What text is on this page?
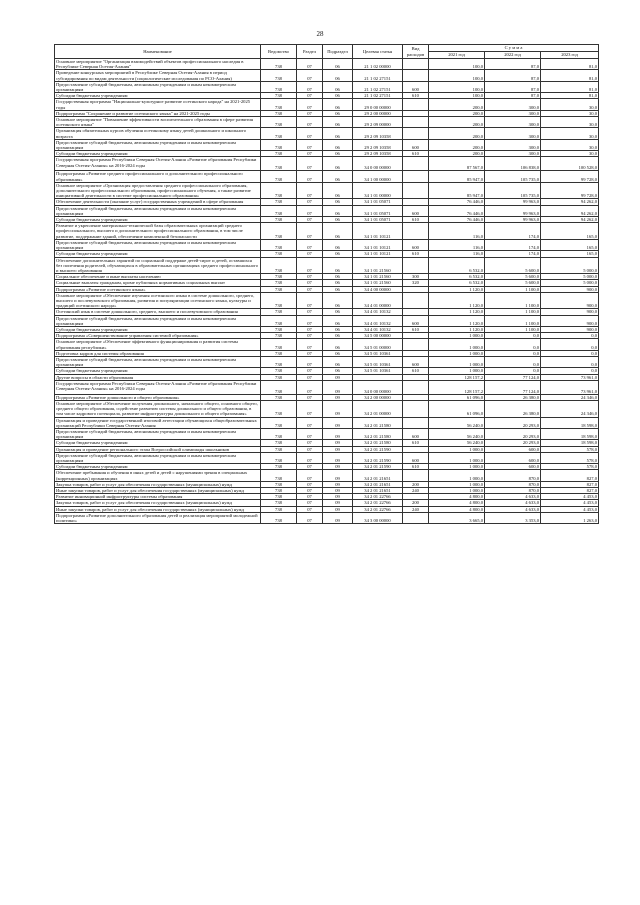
28
Наименование	Ведомство	Раздел	Подраздел	Целевая статья	Вид расходов	С у м м а		
						2021 год	2022 год	2023 год
Основное мероприятие "Организация взаимодействий объектов профессионального наследия в Республике Северная Осетия-Алания"	738	07	06	21 1 02 00000		100,0	87,0	81,0
Проведение конкурсных мероприятий в Республике Северная Осетия-Алания в период субсидирования по видам деятельности (социологические исследования по РСО-Алания)	738	07	06	21 1 02 27151		100,0	87,0	81,0
Предоставление субсидий бюджетным, автономным учреждениям и иным некоммерческим организациям	738	07	06	21 1 02 27151	600	100,0	87,0	81,0
Субсидии бюджетным учреждениям	738	07	06	21 1 02 27151	610	100,0	87,0	81,0
Государственная программа "Национально-культурное развитие осетинского народа" на 2021-2025 годы	738	07	06	29 0 00 00000		200,0	300,0	30,0
Подпрограмма "Сохранение и развитие осетинского языка" на 2021-2025 годы	738	07	06	29 2 00 00000		200,0	300,0	30,0
Основное мероприятие "Повышение эффективности воспитательного образования в сфере развития осетинского языка"	738	07	06	29 2 09 00000		200,0	300,0	30,0
Организация обязательных курсов обучения осетинскому языку детей дошкольного и школьного возраста	738	07	06	29 2 09 10358		200,0	300,0	30,0
Предоставление субсидий бюджетным, автономным учреждениям и иным некоммерческим организациям	738	07	06	29 2 09 10358	600	200,0	300,0	30,0
Субсидии бюджетным учреждениям	738	07	06	29 2 09 10358	610	200,0	300,0	30,0
Государственная программа Республики Северная Осетия-Алания «Развитие образования Республики Северная Осетия-Алания» на 2016-2024 годы	738	07	06	34 0 00 00000		87 567,0	106 838,0	100 528,0
Подпрограмма «Развитие среднего профессионального и дополнительного профессионального образования»	738	07	06	34 1 00 00000		85 947,0	105 735,0	99 728,0
Основное мероприятие «Организация предоставления среднего профессионального образования, дополнительного профессионального образования, профессионального обучения, а также развитие инициативной деятельности в системе профессионального образования»	738	07	06	34 1 01 00000		85 947,0	105 735,0	99 728,0
Обеспечение деятельности (оказание услуг) государственных учреждений в сфере образования	738	07	06	34 1 01 05071		76 446,0	99 963,0	94 262,0
Предоставление субсидий бюджетным, автономным учреждениям и иным некоммерческим организациям	738	07	06	34 1 01 05071	600	76 446,0	99 963,0	94 262,0
Субсидии бюджетным учреждениям	738	07	06	34 1 01 05071	610	76 446,0	99 963,0	94 262,0
Развитие и укрепление материально-технической базы образовательных организаций среднего профессионального, высшего и дополнительного профессионального образования, в том числе развитие, поддержание зданий, обеспечение комплексной безопасности	738	07	06	34 1 01 10121		116,0	174,0	165,0
Предоставление субсидий бюджетным, автономным учреждениям и иным некоммерческим организациям	738	07	06	34 1 01 10121	600	116,0	174,0	165,0
Субсидии бюджетным учреждениям	738	07	06	34 1 01 10121	610	116,0	174,0	165,0
Обеспечение дополнительных гарантий по социальной поддержке детей-сирот и детей, оставшихся без попечения родителей, обучающихся в образовательных организациях среднего профессионального и высшего образования	738	07	06	34 1 01 21560		6 532,0	5 600,0	5 000,0
Социальное обеспечение и иные выплаты населению	738	07	06	34 1 01 21560	300	6 532,0	5 600,0	5 000,0
Социальные выплаты гражданам, кроме публичных нормативных социальных выплат	738	07	06	34 1 01 21560	320	6 532,0	5 600,0	5 000,0
Подпрограмма «Развитие осетинского языка»	738	07	06	34 4 00 00000		1 120,0	1 100,0	900,0
Основное мероприятие «Обеспечение изучения осетинского языка в системе дошкольного, среднего, высшего и послевузовского образования, развития и популяризации осетинского языка, культуры и традиций осетинского народа»	738	07	06	34 4 01 00000		1 120,0	1 100,0	900,0
Осетинский язык в системе дошкольного, среднего, высшего и послевузовского образования	738	07	06	34 4 01 10132		1 120,0	1 100,0	900,0
Предоставление субсидий бюджетным, автономным учреждениям и иным некоммерческим организациям	738	07	06	34 4 01 10132	600	1 120,0	1 100,0	900,0
Субсидии бюджетным учреждениям	738	07	06	34 4 01 10132	610	1 120,0	1 100,0	900,0
Подпрограмма «Совершенствование управления системой образования»	738	07	06	34 5 00 00000		1 000,0	0,0	0,0
Основное мероприятие «Обеспечение эффективного функционирования и развития системы образования республики»	738	07	06	34 5 01 00000		1 000,0	0,0	0,0
Подготовка кадров для системы образования	738	07	06	34 5 01 10361		1 000,0	0,0	0,0
Предоставление субсидий бюджетным, автономным учреждениям и иным некоммерческим организациям	738	07	06	34 5 01 10361	600	1 000,0	0,0	0,0
Субсидии бюджетным учреждениям	738	07	06	34 5 01 10361	610	1 000,0	0,0	0,0
Другие вопросы в области образования	738	07	09			128 157,2	77 124,0	73 961,0
Государственная программа Республики Северная Осетия-Алания «Развитие образования Республики Северная Осетия-Алания» на 2016-2024 годы	738	07	09	34 0 00 00000		128 157,2	77 124,0	73 961,0
Подпрограмма «Развитие дошкольного и общего образования»	738	07	09	34 2 00 00000		61 096,0	26 380,0	24 346,0
Основное мероприятие «Обеспечение получения дошкольного, начального общего, основного общего, среднего общего образования, содействие развитию системы дошкольного и общего образования, в том числе кадрового потенциала, развитие инфраструктуры дошкольного и общего образования»	738	07	09	34 2 01 00000		61 096,0	26 380,0	24 346,0
Организация и проведение государственной итоговой аттестации обучающихся общеобразовательных организаций Республики Северная Осетия-Алания	738	07	09	34 2 01 21580		56 240,0	20 293,0	18 598,0
Предоставление субсидий бюджетным, автономным учреждениям и иным некоммерческим организациям	738	07	09	34 2 01 21580	600	56 240,0	20 293,0	18 598,0
Субсидии бюджетным учреждениям	738	07	09	34 2 01 21580	610	56 240,0	20 293,0	18 598,0
Организация и проведение регионального этапа Всероссийской олимпиады школьников	738	07	09	34 2 01 21590		1 000,0	600,0	578,0
Предоставление субсидий бюджетным, автономным учреждениям и иным некоммерческим организациям	738	07	09	34 2 01 21590	600	1 000,0	600,0	578,0
Субсидии бюджетным учреждениям	738	07	09	34 2 01 21590	610	1 000,0	600,0	578,0
Обеспечение пребывания и обучения в иных детей и детей с нарушениями зрения в специальных (коррекционных) организациях	738	07	09	34 2 01 21651		1 000,0	870,0	827,0
Закупка товаров, работ и услуг для обеспечения государственных (муниципальных) нужд	738	07	09	34 2 01 21651	200	1 000,0	870,0	827,0
Иные закупки товаров, работ и услуг для обеспечения государственных (муниципальных) нужд	738	07	09	34 2 01 21651	240	1 000,0	870,0	827,0
Развитие инновационной инфраструктуры системы образования	738	07	09	34 2 01 22766		4 800,0	4 633,0	4 453,0
Закупка товаров, работ и услуг для обеспечения государственных (муниципальных) нужд	738	07	09	34 2 01 22766	200	4 800,0	4 633,0	4 453,0
Иные закупки товаров, работ и услуг для обеспечения государственных (муниципальных) нужд	738	07	09	34 2 01 22766	240	4 800,0	4 633,0	4 453,0
Подпрограмма «Развитие дополнительного образования детей и реализация мероприятий молодежной политики»	738	07	09	34 3 00 00000		3 665,0	3 353,0	1 263,0
